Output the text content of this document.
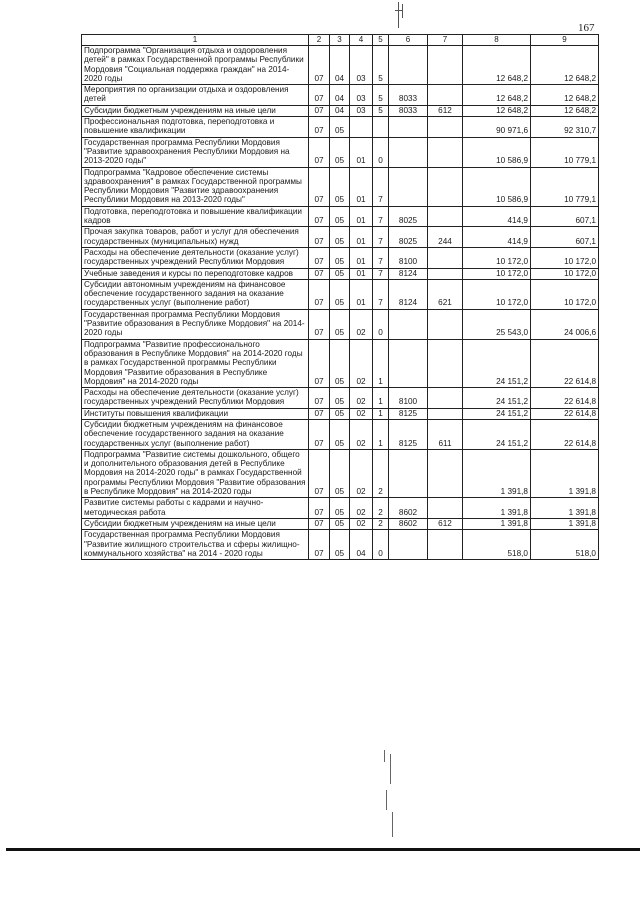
167
1	2	3	4	5	6	7	8	9
Подпрограмма "Организация отдыха и оздоровления детей" в рамках Государственной программы Республики Мордовия "Социальная поддержка граждан" на 2014-2020 годы	07	04	03	5			12 648,2	12 648,2
Мероприятия по организации отдыха и оздоровления детей	07	04	03	5	8033		12 648,2	12 648,2
Субсидии бюджетным учреждениям на иные цели	07	04	03	5	8033	612	12 648,2	12 648,2
Профессиональная подготовка, переподготовка и повышение квалификации	07	05					90 971,6	92 310,7
Государственная программа Республики Мордовия "Развитие здравоохранения Республики Мордовия на 2013-2020 годы"	07	05	01	0			10 586,9	10 779,1
Подпрограмма "Кадровое обеспечение системы здравоохранения" в рамках Государственной программы Республики Мордовия "Развитие здравоохранения Республики Мордовия на 2013-2020 годы"	07	05	01	7			10 586,9	10 779,1
Подготовка, переподготовка и повышение квалификации кадров	07	05	01	7	8025		414,9	607,1
Прочая закупка товаров, работ и услуг для обеспечения государственных (муниципальных) нужд	07	05	01	7	8025	244	414,9	607,1
Расходы на обеспечение деятельности (оказание услуг) государственных учреждений Республики Мордовия	07	05	01	7	8100		10 172,0	10 172,0
Учебные заведения и курсы по переподготовке кадров	07	05	01	7	8124		10 172,0	10 172,0
Субсидии автономным учреждениям на финансовое обеспечение государственного задания на оказание государственных услуг (выполнение работ)	07	05	01	7	8124	621	10 172,0	10 172,0
Государственная программа Республики Мордовия "Развитие образования в Республике Мордовия" на 2014-2020 годы	07	05	02	0			25 543,0	24 006,6
Подпрограмма "Развитие профессионального образования в Республике Мордовия" на 2014-2020 годы в рамках Государственной программы Республики Мордовия "Развитие образования в Республике Мордовия" на 2014-2020 годы	07	05	02	1			24 151,2	22 614,8
Расходы на обеспечение деятельности (оказание услуг) государственных учреждений Республики Мордовия	07	05	02	1	8100		24 151,2	22 614,8
Институты повышения квалификации	07	05	02	1	8125		24 151,2	22 614,8
Субсидии бюджетным учреждениям на финансовое обеспечение государственного задания на оказание государственных услуг (выполнение работ)	07	05	02	1	8125	611	24 151,2	22 614,8
Подпрограмма "Развитие системы дошкольного, общего и дополнительного образования детей в Республике Мордовия на 2014-2020 годы" в рамках Государственной программы Республики Мордовия "Развитие образования в Республике Мордовия" на 2014-2020 годы	07	05	02	2			1 391,8	1 391,8
Развитие системы работы с кадрами и научно-методическая работа	07	05	02	2	8602		1 391,8	1 391,8
Субсидии бюджетным учреждениям на иные цели	07	05	02	2	8602	612	1 391,8	1 391,8
Государственная программа Республики Мордовия "Развитие жилищного строительства и сферы жилищно-коммунального хозяйства" на 2014 - 2020 годы	07	05	04	0			518,0	518,0
